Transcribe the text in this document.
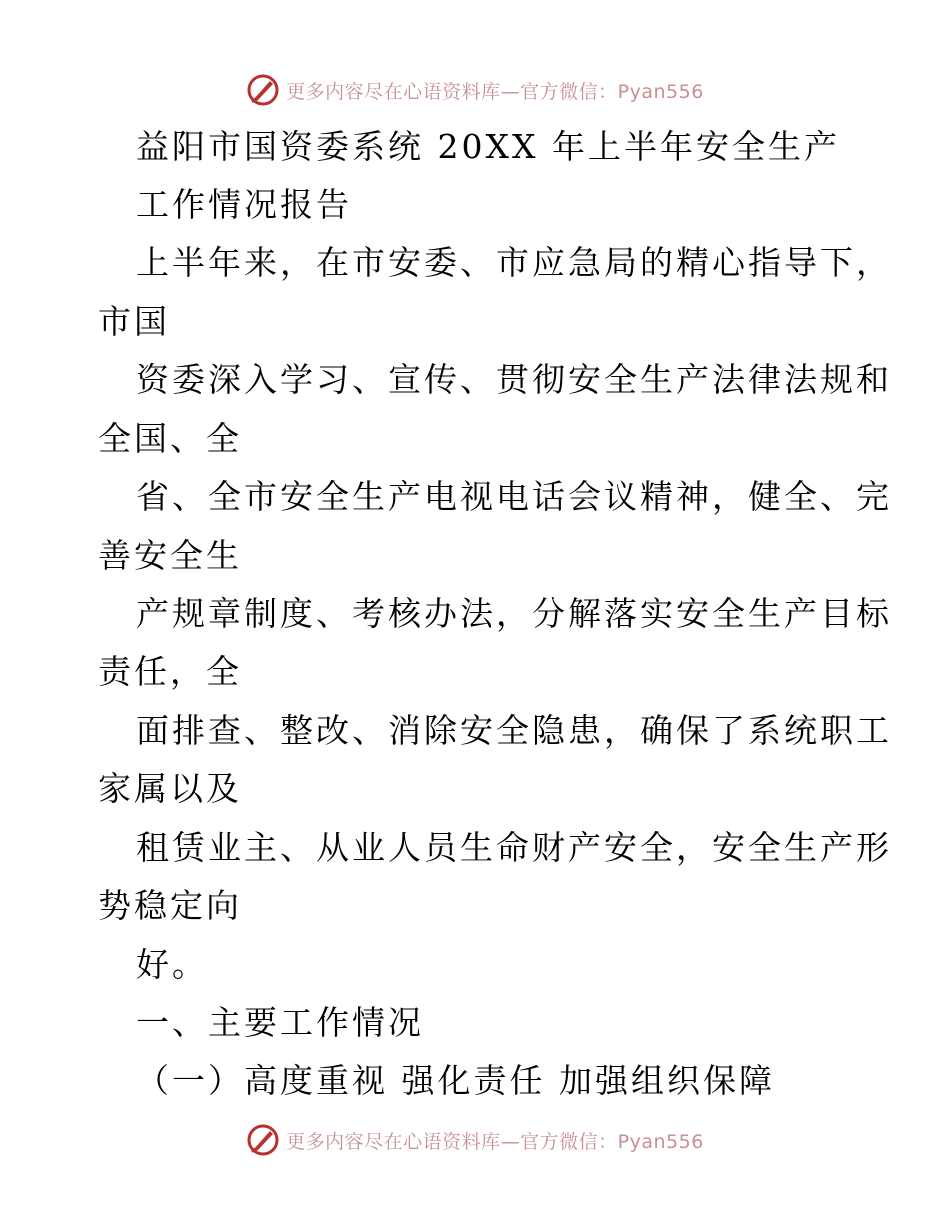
更多内容尽在心语资料库—官方微信：Pyan556
益阳市国资委系统 20XX 年上半年安全生产
工作情况报告
上半年来，在市安委、市应急局的精心指导下，
市国
资委深入学习、宣传、贯彻安全生产法律法规和
全国、全
省、全市安全生产电视电话会议精神，健全、完
善安全生
产规章制度、考核办法，分解落实安全生产目标
责任，全
面排查、整改、消除安全隐患，确保了系统职工
家属以及
租赁业主、从业人员生命财产安全，安全生产形
势稳定向
好。
一、主要工作情况
（一）高度重视 强化责任 加强组织保障
更多内容尽在心语资料库—官方微信：Pyan556
